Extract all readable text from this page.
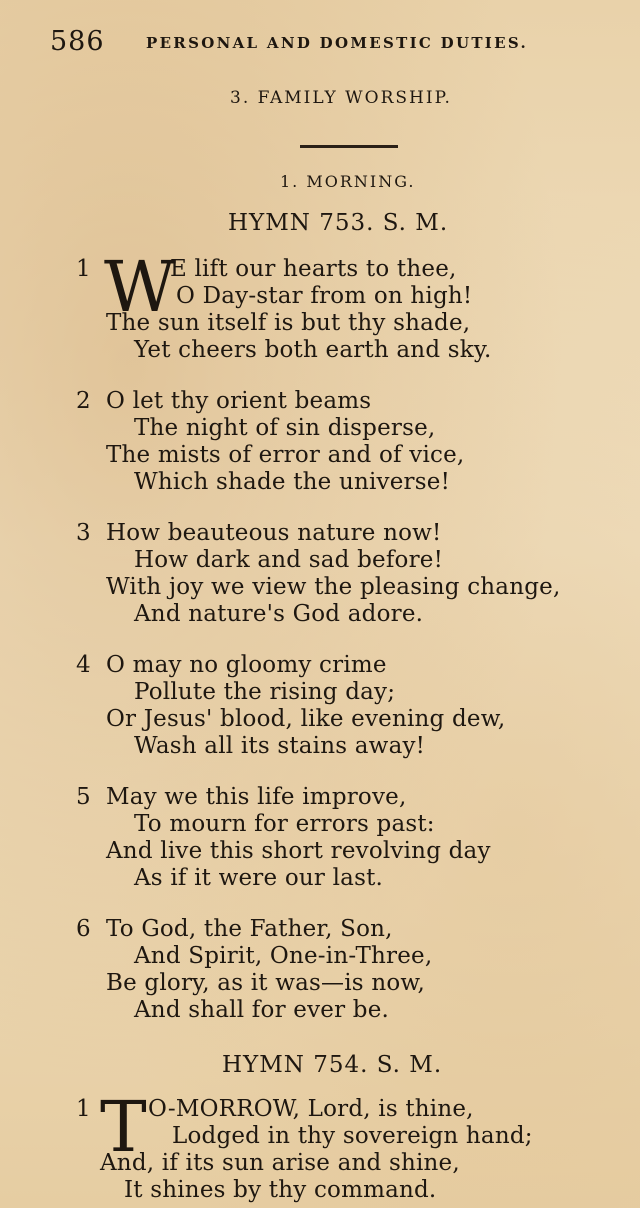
586	PERSONAL AND DOMESTIC DUTIES.
3. FAMILY WORSHIP.
1. MORNING.
HYMN 753. S. M.
1 W
E lift our hearts to thee,
O Day-star from on high!
The sun itself is but thy shade,
Yet cheers both earth and sky.
2 O let thy orient beams
The night of sin disperse,
The mists of error and of vice,
Which shade the universe!
3 How beauteous nature now!
How dark and sad before!
With joy we view the pleasing change,
And nature's God adore.
4 O may no gloomy crime
Pollute the rising day;
Or Jesus' blood, like evening dew,
Wash all its stains away!
5 May we this life improve,
To mourn for errors past:
And live this short revolving day
As if it were our last.
6 To God, the Father, Son,
And Spirit, One-in-Three,
Be glory, as it was—is now,
And shall for ever be.
HYMN 754. S. M.
1 T O-MORROW, Lord, is thine,
Lodged in thy sovereign hand;
And, if its sun arise and shine,
It shines by thy command.
